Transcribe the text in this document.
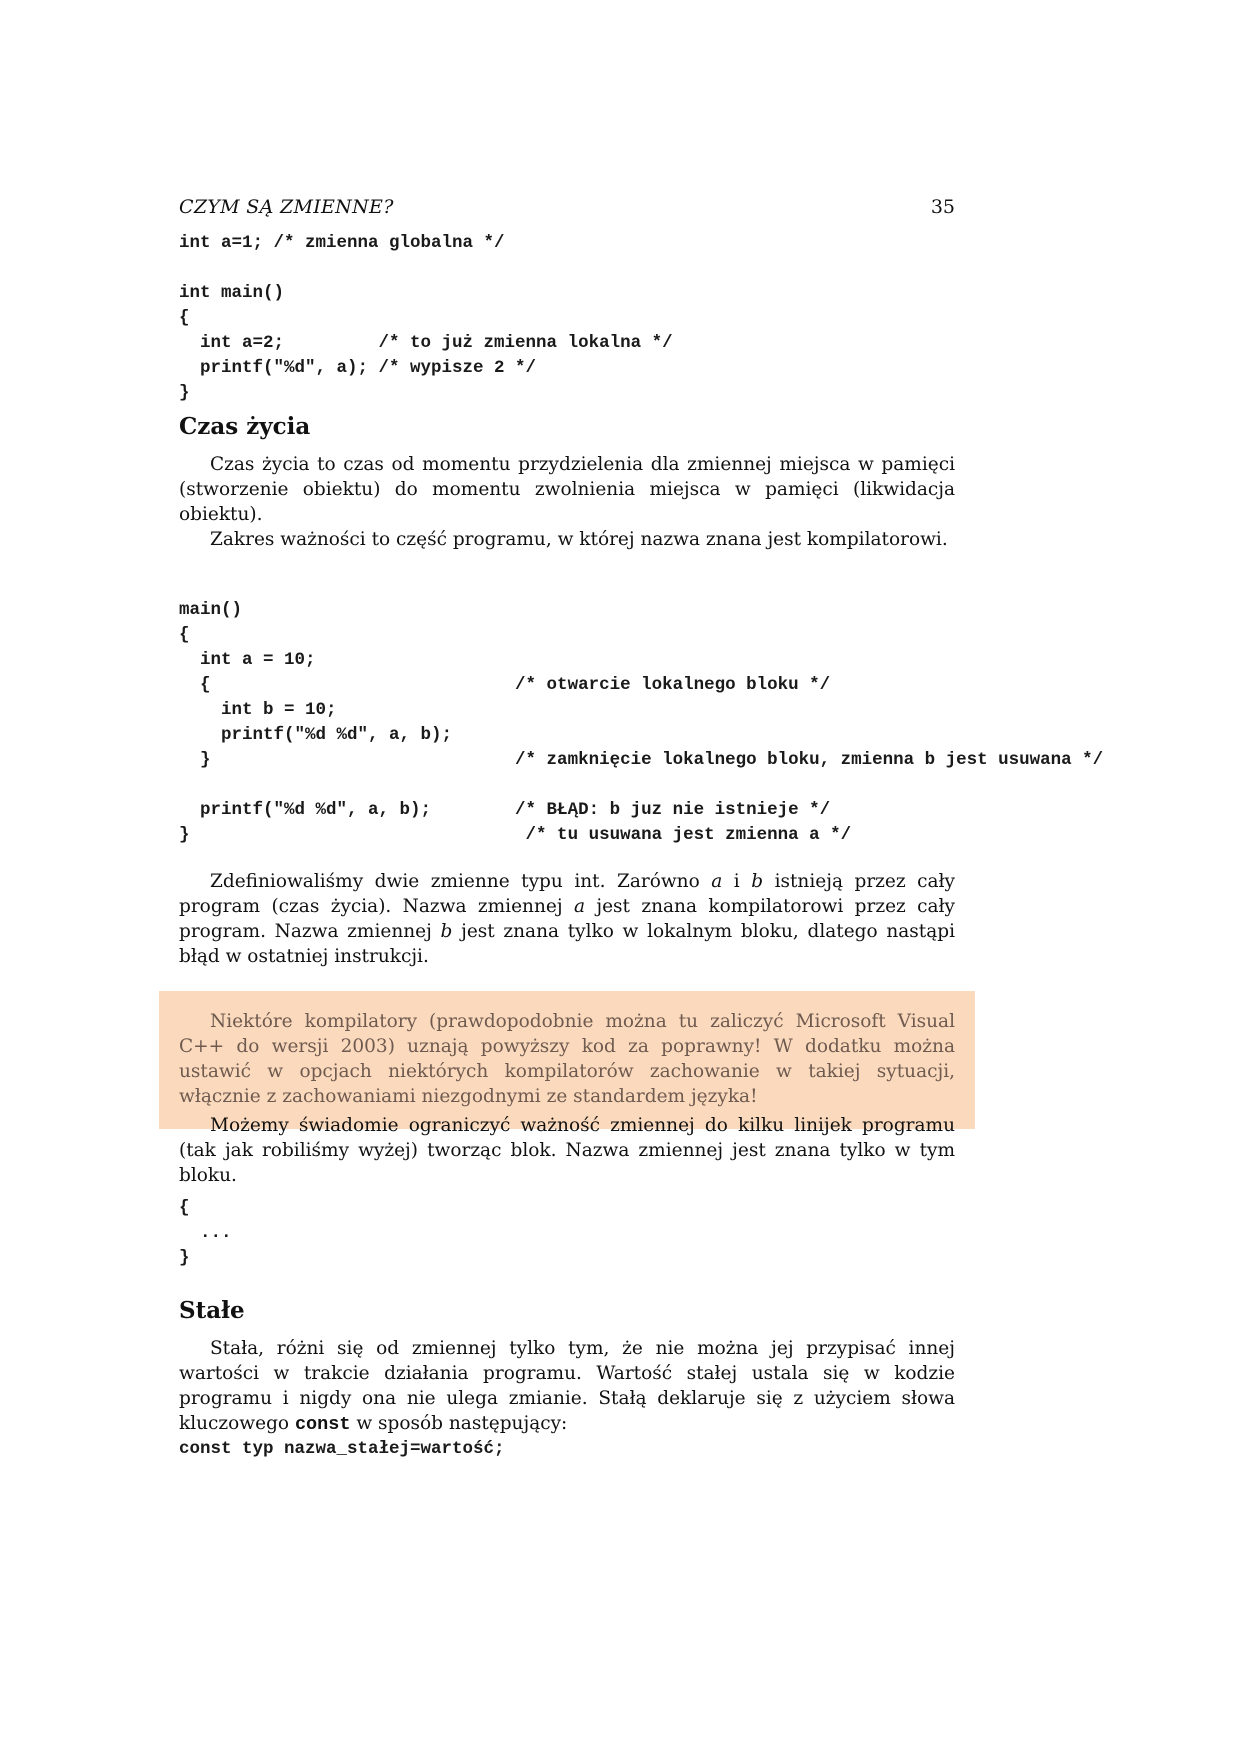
CZYM SĄ ZMIENNE?	35
int a=1; /* zmienna globalna */

int main()
{
int a=2;         /* to już zmienna lokalna */
printf("%d", a); /* wypisze 2 */
}
Czas życia

Czas życia to czas od momentu przydzielenia dla zmiennej miejsca w pamięci (stworzenie obiektu) do momentu zwolnienia miejsca w pamięci (likwidacja obiektu).

Zakres ważności to część programu, w której nazwa znana jest kompilatorowi.

main()
{
int a = 10;
{                             /* otwarcie lokalnego bloku */
int b = 10;
printf("%d %d", a, b);
}                             /* zamknięcie lokalnego bloku, zmienna b jest usuwana */

printf("%d %d", a, b);        /* BŁĄD: b juz nie istnieje */
}                                /* tu usuwana jest zmienna a */

Zdefiniowaliśmy dwie zmienne typu int. Zarówno a i b istnieją przez cały program (czas życia). Nazwa zmiennej a jest znana kompilatorowi przez cały program. Nazwa zmiennej b jest znana tylko w lokalnym bloku, dlatego nastąpi błąd w ostatniej instrukcji.

Niektóre kompilatory (prawdopodobnie można tu zaliczyć Microsoft Visual C++ do wersji 2003) uznają powyższy kod za poprawny! W dodatku można ustawić w opcjach niektórych kompilatorów zachowanie w takiej sytuacji, włącznie z zachowaniami niezgodnymi ze standardem języka!

Możemy świadomie ograniczyć ważność zmiennej do kilku linijek programu (tak jak robiliśmy wyżej) tworząc blok. Nazwa zmiennej jest znana tylko w tym bloku.

{
...
}
Stałe

Stała, różni się od zmiennej tylko tym, że nie można jej przypisać innej wartości w trakcie działania programu. Wartość stałej ustala się w kodzie programu i nigdy ona nie ulega zmianie. Stałą deklaruje się z użyciem słowa kluczowego const w sposób następujący:

const typ nazwa_stałej=wartość;
